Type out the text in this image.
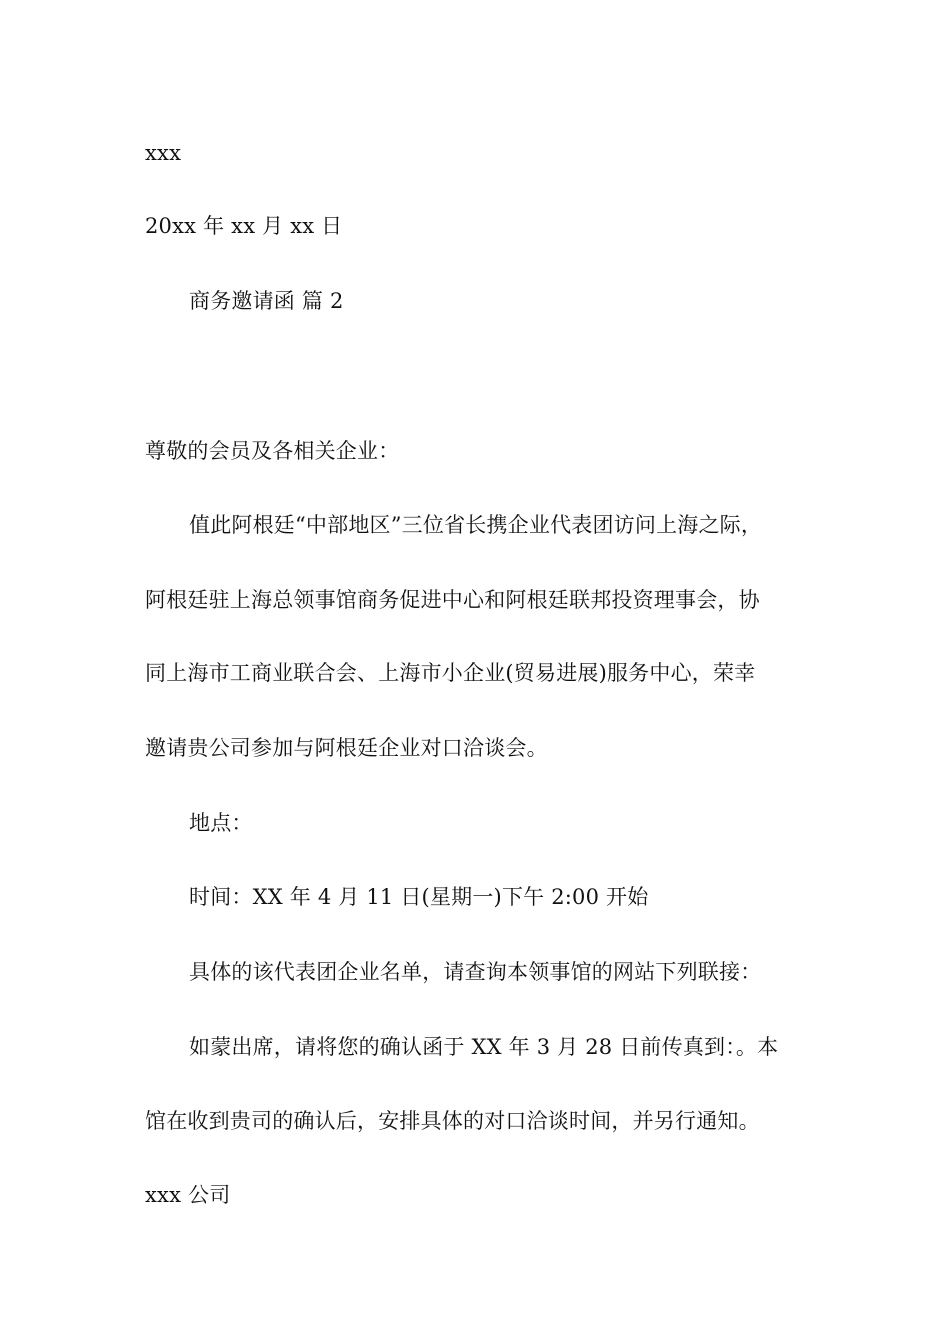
xxx
20xx 年 xx 月 xx 日
商务邀请函 篇 2
尊敬的会员及各相关企业：
值此阿根廷“中部地区”三位省长携企业代表团访问上海之际，
阿根廷驻上海总领事馆商务促进中心和阿根廷联邦投资理事会，协
同上海市工商业联合会、上海市小企业(贸易进展)服务中心，荣幸
邀请贵公司参加与阿根廷企业对口洽谈会。
地点：
时间：XX 年 4 月 11 日(星期一)下午 2:00 开始
具体的该代表团企业名单，请查询本领事馆的网站下列联接：
如蒙出席，请将您的确认函于 XX 年 3 月 28 日前传真到：。本
馆在收到贵司的确认后，安排具体的对口洽谈时间，并另行通知。
xxx 公司
